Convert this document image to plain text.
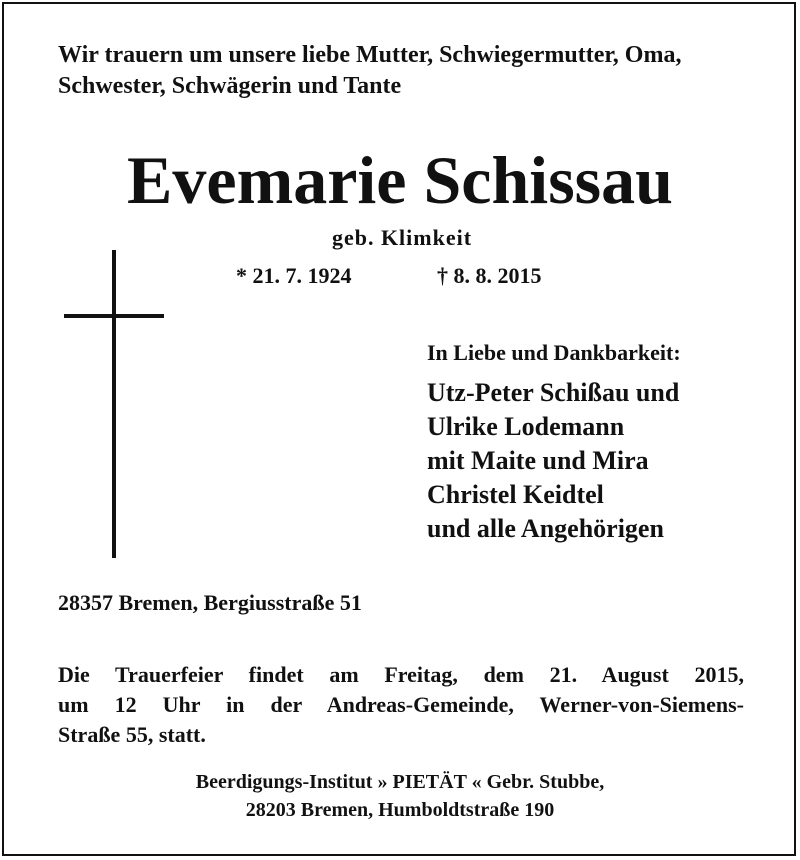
Wir trauern um unsere liebe Mutter, Schwiegermutter, Oma,
Schwester, Schwägerin und Tante
Evemarie Schissau
geb. Klimkeit
* 21. 7. 1924	† 8. 8. 2015
In Liebe und Dankbarkeit:
Utz-Peter Schißau und
Ulrike Lodemann
mit Maite und Mira
Christel Keidtel
und alle Angehörigen
28357 Bremen, Bergiusstraße 51
Die Trauerfeier findet am Freitag, dem 21. August 2015,
um 12 Uhr in der Andreas-Gemeinde, Werner-von-Siemens-
Straße 55, statt.
Beerdigungs-Institut » PIETÄT « Gebr. Stubbe,
28203 Bremen, Humboldtstraße 190
